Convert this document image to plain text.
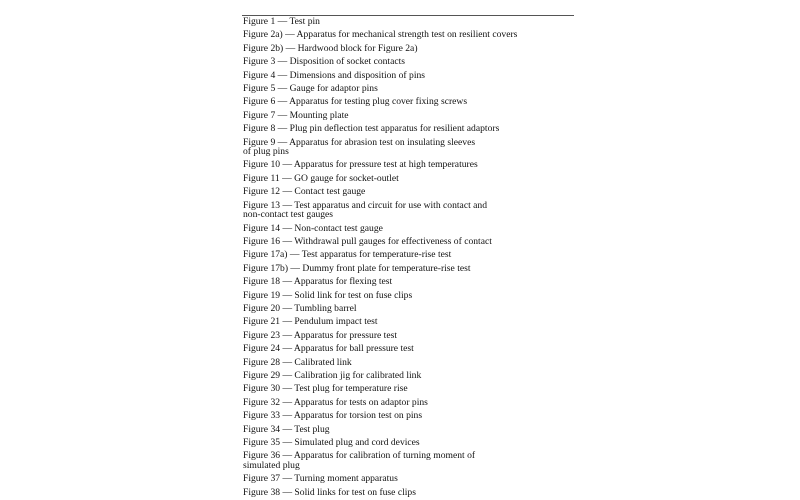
Figure 1 — Test pin
Figure 2a) — Apparatus for mechanical strength test on resilient covers
Figure 2b) — Hardwood block for Figure 2a)
Figure 3 — Disposition of socket contacts
Figure 4 — Dimensions and disposition of pins
Figure 5 — Gauge for adaptor pins
Figure 6 — Apparatus for testing plug cover fixing screws
Figure 7 — Mounting plate
Figure 8 — Plug pin deflection test apparatus for resilient adaptors
Figure 9 — Apparatus for abrasion test on insulating sleeves
of plug pins
Figure 10 — Apparatus for pressure test at high temperatures
Figure 11 — GO gauge for socket-outlet
Figure 12 — Contact test gauge
Figure 13 — Test apparatus and circuit for use with contact and
non-contact test gauges
Figure 14 — Non-contact test gauge
Figure 16 — Withdrawal pull gauges for effectiveness of contact
Figure 17a) — Test apparatus for temperature-rise test
Figure 17b) — Dummy front plate for temperature-rise test
Figure 18 — Apparatus for flexing test
Figure 19 — Solid link for test on fuse clips
Figure 20 — Tumbling barrel
Figure 21 — Pendulum impact test
Figure 23 — Apparatus for pressure test
Figure 24 — Apparatus for ball pressure test
Figure 28 — Calibrated link
Figure 29 — Calibration jig for calibrated link
Figure 30 — Test plug for temperature rise
Figure 32 — Apparatus for tests on adaptor pins
Figure 33 — Apparatus for torsion test on pins
Figure 34 — Test plug
Figure 35 — Simulated plug and cord devices
Figure 36 — Apparatus for calibration of turning moment of
simulated plug
Figure 37 — Turning moment apparatus
Figure 38 — Solid links for test on fuse clips
